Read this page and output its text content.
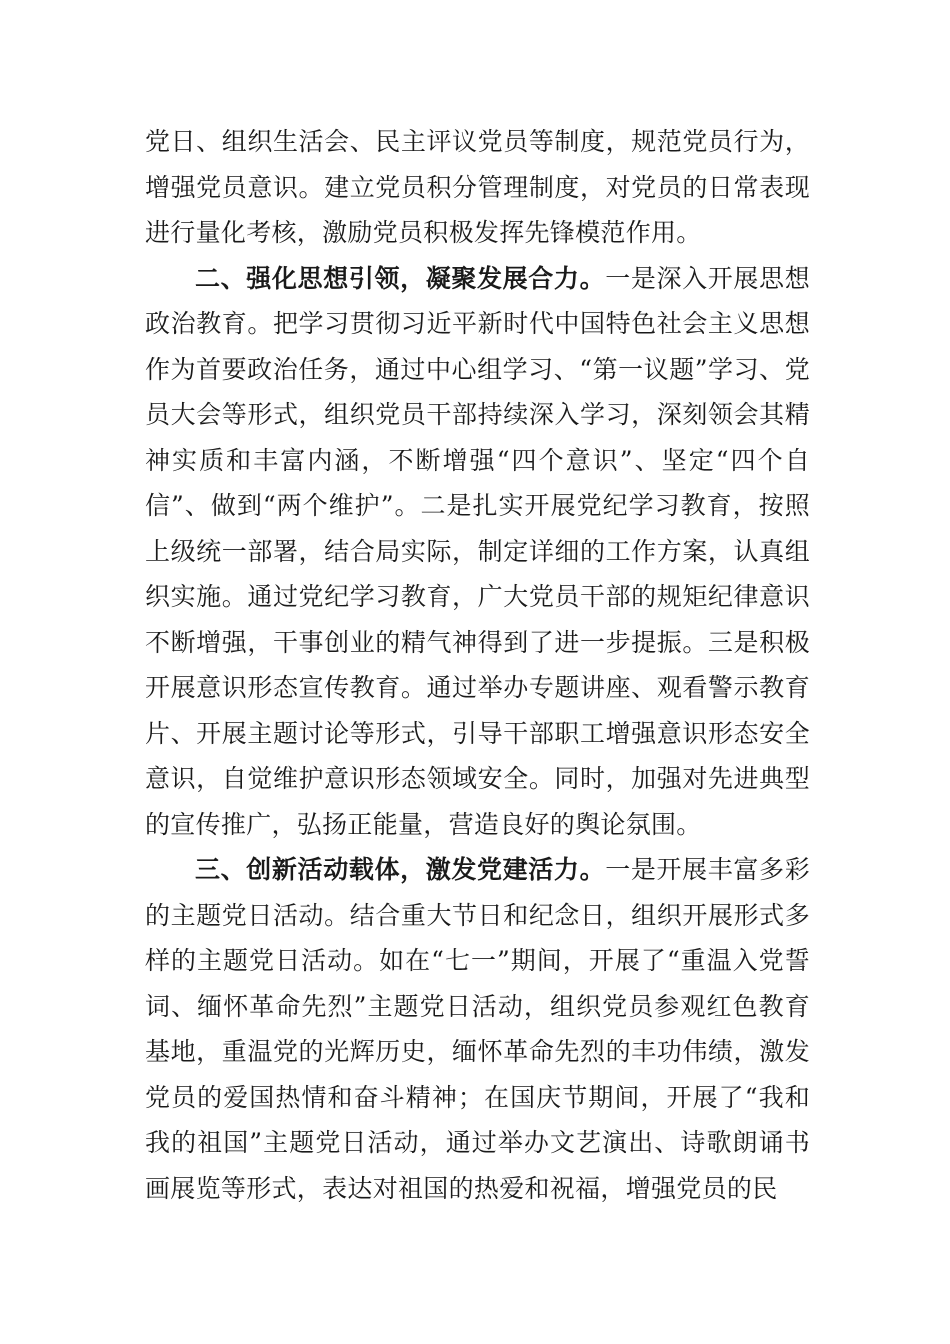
党日、组织生活会、民主评议党员等制度，规范党员行为，增强党员意识。建立党员积分管理制度，对党员的日常表现进行量化考核，激励党员积极发挥先锋模范作用。

二、强化思想引领，凝聚发展合力。一是深入开展思想政治教育。把学习贯彻习近平新时代中国特色社会主义思想作为首要政治任务，通过中心组学习、“第一议题”学习、党员大会等形式，组织党员干部持续深入学习，深刻领会其精神实质和丰富内涵，不断增强“四个意识”、坚定“四个自信”、做到“两个维护”。二是扎实开展党纪学习教育，按照上级统一部署，结合局实际，制定详细的工作方案，认真组织实施。通过党纪学习教育，广大党员干部的规矩纪律意识不断增强，干事创业的精气神得到了进一步提振。三是积极开展意识形态宣传教育。通过举办专题讲座、观看警示教育片、开展主题讨论等形式，引导干部职工增强意识形态安全意识，自觉维护意识形态领域安全。同时，加强对先进典型的宣传推广，弘扬正能量，营造良好的舆论氛围。

三、创新活动载体，激发党建活力。一是开展丰富多彩的主题党日活动。结合重大节日和纪念日，组织开展形式多样的主题党日活动。如在“七一”期间，开展了“重温入党誓词、缅怀革命先烈”主题党日活动，组织党员参观红色教育基地，重温党的光辉历史，缅怀革命先烈的丰功伟绩，激发党员的爱国热情和奋斗精神；在国庆节期间，开展了“我和我的祖国”主题党日活动，通过举办文艺演出、诗歌朗诵书画展览等形式，表达对祖国的热爱和祝福，增强党员的民
